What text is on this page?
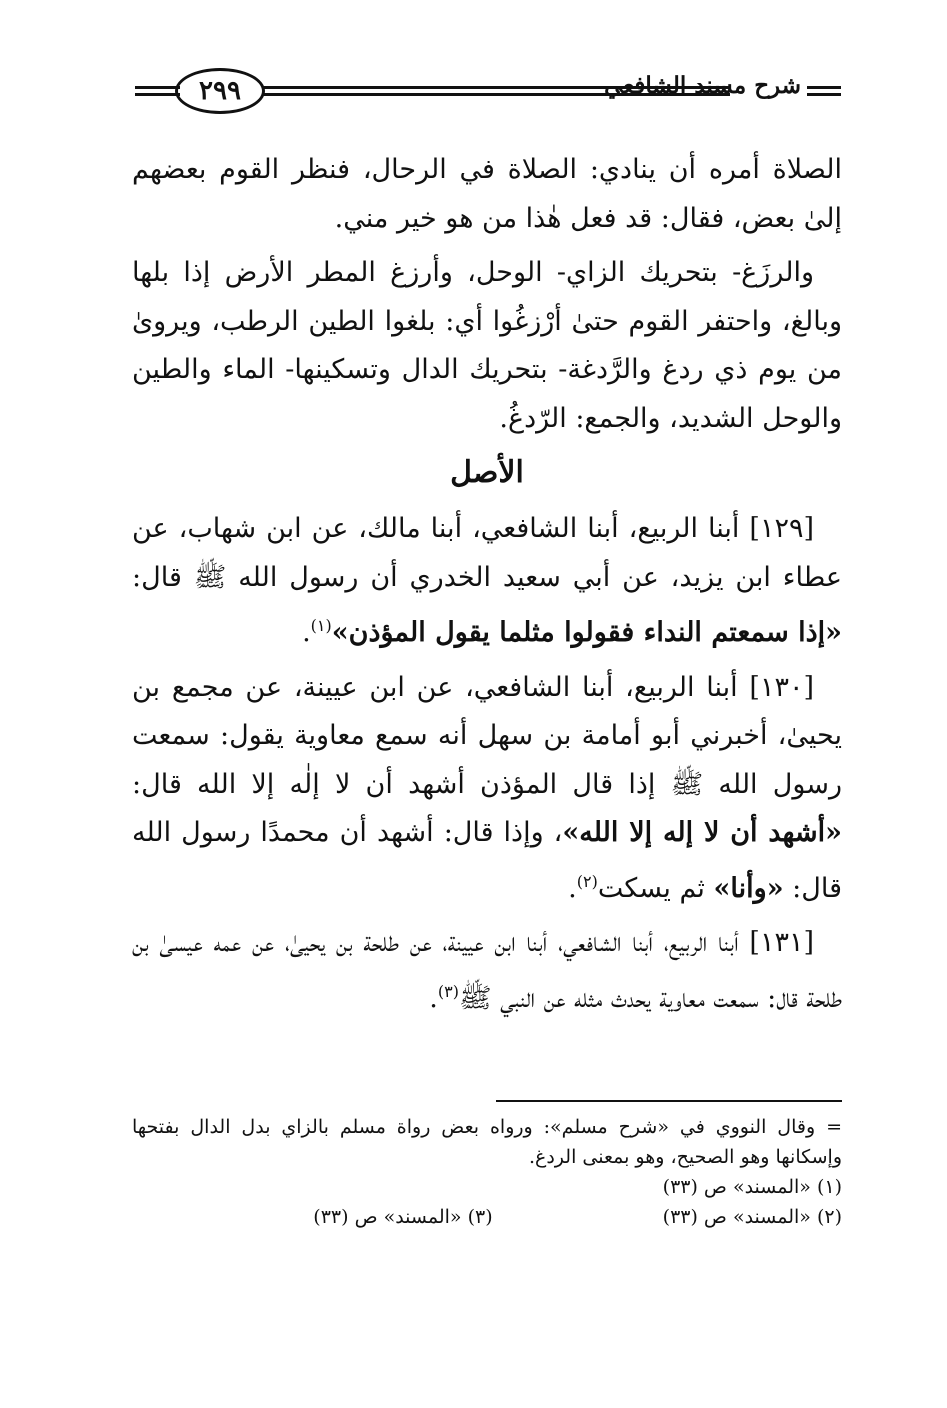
شرح مسند الشافعي
٢٩٩

الصلاة أمره أن ينادي: الصلاة في الرحال، فنظر القوم بعضهم إلىٰ بعض، فقال: قد فعل هٰذا من هو خير مني.

والرزَغ- بتحريك الزاي- الوحل، وأرزغ المطر الأرض إذا بلها وبالغ، واحتفر القوم حتىٰ أرْزغُوا أي: بلغوا الطين الرطب، ويروىٰ من يوم ذي ردغ والرَّدغة- بتحريك الدال وتسكينها- الماء والطين والوحل الشديد، والجمع: الرّدغُ.

الأصل

[١٢٩] أبنا الربيع، أبنا الشافعي، أبنا مالك، عن ابن شهاب، عن عطاء ابن يزيد، عن أبي سعيد الخدري أن رسول الله ﷺ قال: «إذا سمعتم النداء فقولوا مثلما يقول المؤذن»$^{(١)}$.

[١٣٠] أبنا الربيع، أبنا الشافعي، عن ابن عيينة، عن مجمع بن يحيىٰ، أخبرني أبو أمامة بن سهل أنه سمع معاوية يقول: سمعت رسول الله ﷺ إذا قال المؤذن أشهد أن لا إلٰه إلا الله قال: «أشهد أن لا إله إلا الله»، وإذا قال: أشهد أن محمدًا رسول الله قال: «وأنا» ثم يسكت$^{(٢)}$.

[١٣١] أبنا الربيع، أبنا الشافعي، أبنا ابن عيينة، عن طلحة بن يحيىٰ، عن عمه عيسىٰ بن طلحة قال: سمعت معاوية يحدث مثله عن النبي ﷺ$^{(٣)}$.

= وقال النووي في «شرح مسلم»: ورواه بعض رواة مسلم بالزاي بدل الدال بفتحها وإسكانها وهو الصحيح، وهو بمعنى الردغ.

(١) «المسند» ص (٣٣)
(٢) «المسند» ص (٣٣)
(٣) «المسند» ص (٣٣)
